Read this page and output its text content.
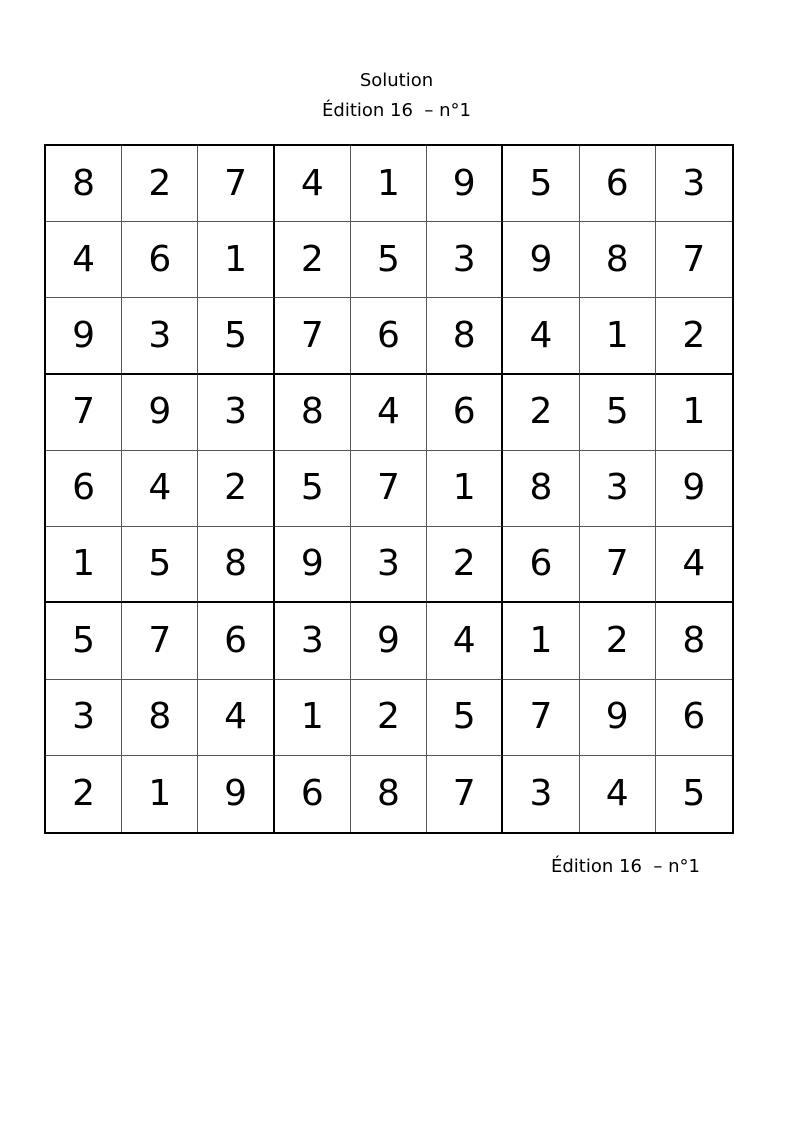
Solution
Édition 16  – n°1
8	2	7	4	1	9	5	6	3
4	6	1	2	5	3	9	8	7
9	3	5	7	6	8	4	1	2
7	9	3	8	4	6	2	5	1
6	4	2	5	7	1	8	3	9
1	5	8	9	3	2	6	7	4
5	7	6	3	9	4	1	2	8
3	8	4	1	2	5	7	9	6
2	1	9	6	8	7	3	4	5
Édition 16  – n°1
